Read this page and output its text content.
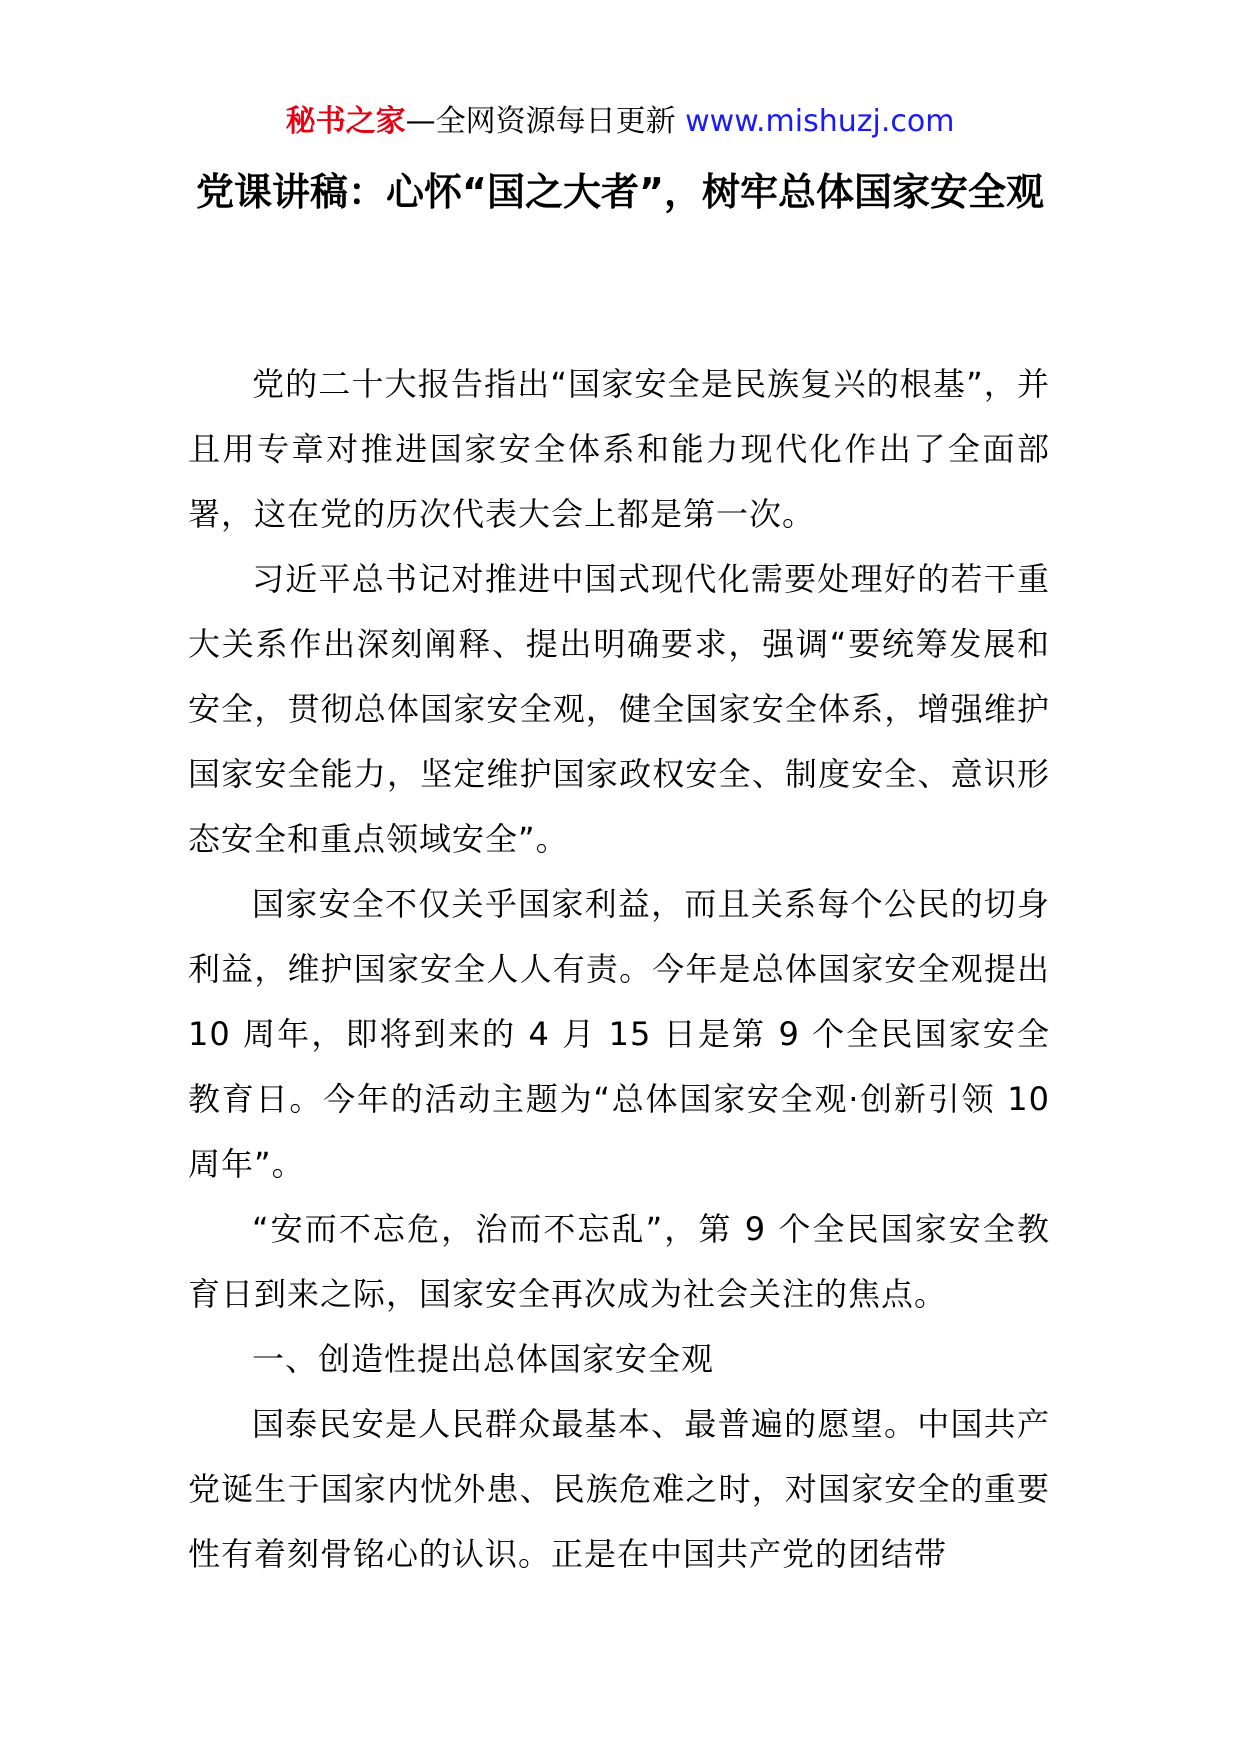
秘书之家—全网资源每日更新 www.mishuzj.com
党课讲稿：心怀“国之大者”，树牢总体国家安全观

党的二十大报告指出“国家安全是民族复兴的根基”，并且用专章对推进国家安全体系和能力现代化作出了全面部署，这在党的历次代表大会上都是第一次。

习近平总书记对推进中国式现代化需要处理好的若干重大关系作出深刻阐释、提出明确要求，强调“要统筹发展和安全，贯彻总体国家安全观，健全国家安全体系，增强维护国家安全能力，坚定维护国家政权安全、制度安全、意识形态安全和重点领域安全”。

国家安全不仅关乎国家利益，而且关系每个公民的切身利益，维护国家安全人人有责。今年是总体国家安全观提出 10 周年，即将到来的 4 月 15 日是第 9 个全民国家安全教育日。今年的活动主题为“总体国家安全观·创新引领 10 周年”。

“安而不忘危，治而不忘乱”，第 9 个全民国家安全教育日到来之际，国家安全再次成为社会关注的焦点。

一、创造性提出总体国家安全观

国泰民安是人民群众最基本、最普遍的愿望。中国共产党诞生于国家内忧外患、民族危难之时，对国家安全的重要性有着刻骨铭心的认识。正是在中国共产党的团结带
